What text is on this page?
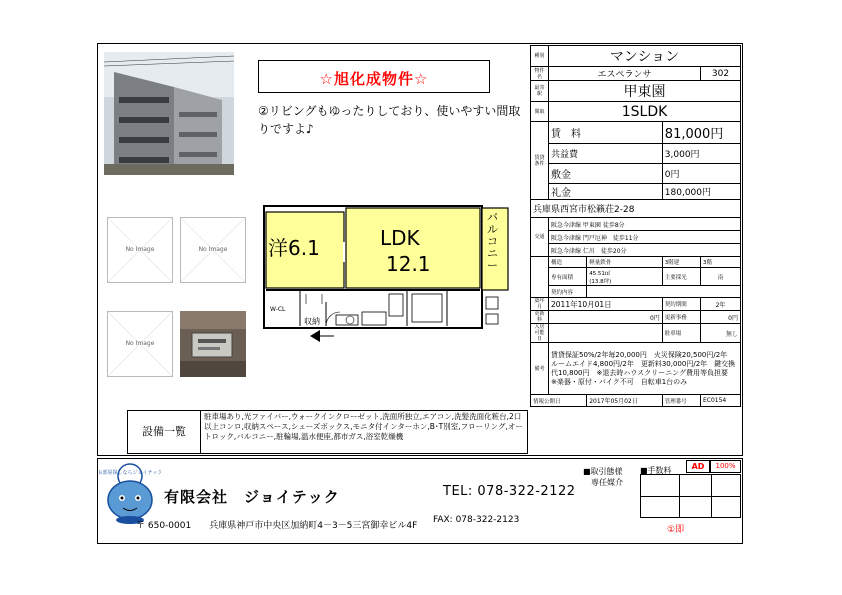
No Image	No Image
No Image
☆旭化成物件☆
②リビングもゆったりしており、使いやすい間取りですよ♪
洋6.1	LDK
12.1
バルコニー
W-CL
収納
種別	マンション			
物件名	エスペランサ			302
最寄駅	甲東園			
間取	1SLDK			
賃貸条件	賃　料		81,000円	
	共益費		3,000円	
	敷金		0円	
	礼金		180,000円	
兵庫県西宮市松籟荘2-28				
交通	阪急今津線 甲東園 徒歩8分			
	阪急今津線 門戸厄神　徒歩11分			
	阪急今津線 仁川　徒歩20分			
	構造	軽量鉄骨	3階建	3階
	専有面積	45.51㎡
(13.8坪)	主要採光	南
	契約内容			
築年月	2011年10月01日		契約期間	2年
更新料	0円		更新事務	0円
入居可能日			駐車場	無し
備考	賃貸保証50%/2年毎20,000円　火災保険20,500円/2年　ルームエイド4,800円/2年　更新料30,000円/2年　鍵交換代10,800円　※退去時ハウスクリーニング費用等負担要　※楽器・原付・バイク不可　自転車1台のみ			
情報公開日		2017年05月02日	管理番号	EC0154
設備一覧
駐車場あり,光ファイバー,ウォークインクローゼット,洗面所独立,エアコン,洗髪洗面化粧台,2口以上コンロ,収納スペース,シューズボックス,モニタ付インターホン,B･T別室,フローリング,オートロック,バルコニー,駐輪場,温水便座,都市ガス,浴室乾燥機
お部屋探しならジョイテック
有限会社　ジョイテック	TEL: 078-322-2122
〒 650-0001　　 兵庫県神戸市中央区加納町4－3－5三宮御幸ビル4F
FAX: 078-322-2123
■取引態様
専任媒介
■手数料	AD	100%
①即
